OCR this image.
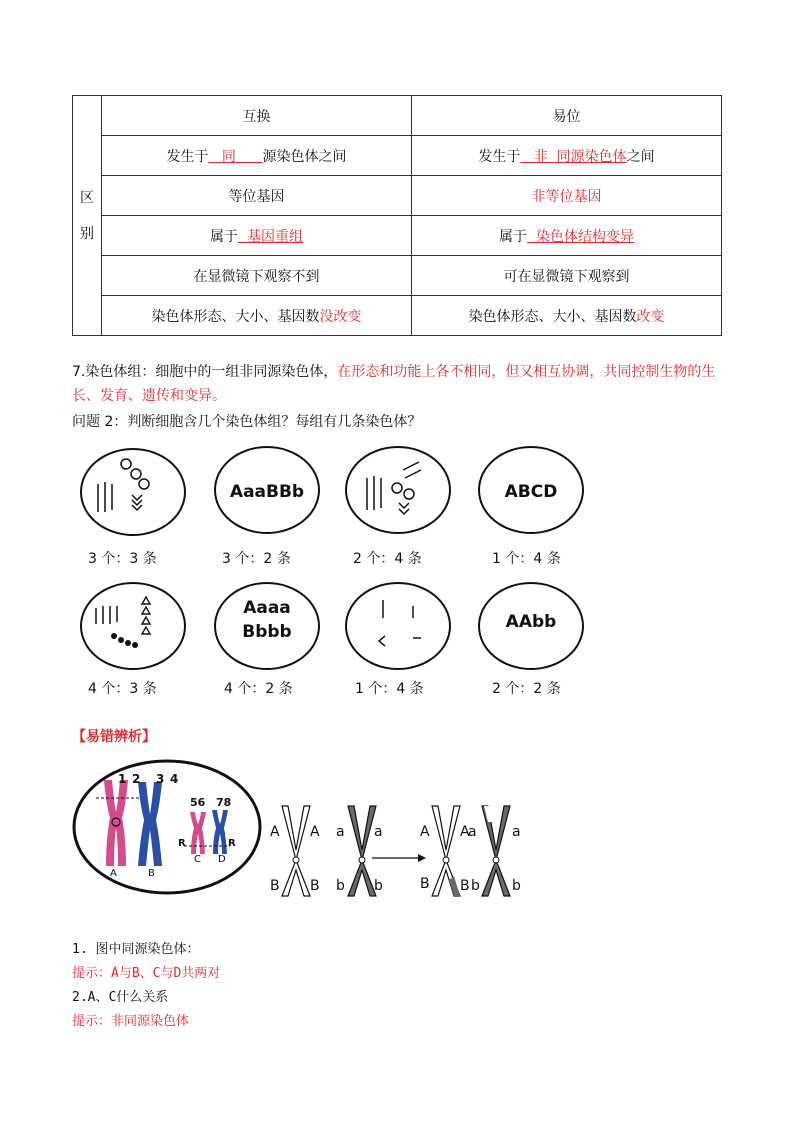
区
别	互换	易位
	发生于 同 源染色体之间	发生于 非 同源染色体之间
	等位基因	非等位基因
	属于 基因重组	属于 染色体结构变异
	在显微镜下观察不到	可在显微镜下观察到
	染色体形态、大小、基因数没改变	染色体形态、大小、基因数改变
7.染色体组：细胞中的一组非同源染色体，在形态和功能上各不相同，但又相互协调，共同控制生物的生
长、发育、遗传和变异。
问题 2：判断细胞含几个染色体组？每组有几条染色体？
3 个：3 条
AaaBBb
3 个：2 条	2 个：4 条
ABCD
1 个：4 条
4 个：3 条
Aaaa
Bbbb
4 个：2 条	1 个：4 条
AAbb
2 个：2 条
【易错辨析】
1 2 3 4
56 78
R	R
A	B
C D
A A
B B
a a
b b
A A
B B
a	a
b b
1. 图中同源染色体：
提示：A与B、C与D共两对
2.A、C什么关系
提示：非同源染色体
